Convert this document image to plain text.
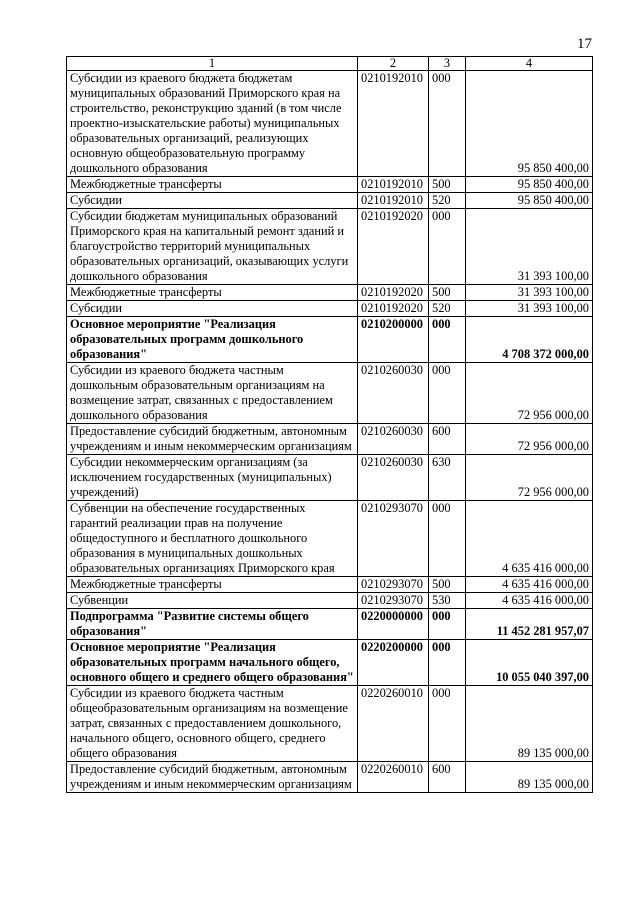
17
1	2	3	4
Субсидии из краевого бюджета бюджетам муниципальных образований Приморского края на строительство, реконструкцию зданий (в том числе проектно-изыскательские работы) муниципальных образовательных организаций, реализующих основную общеобразовательную программу дошкольного образования	0210192010	000	95 850 400,00
Межбюджетные трансферты	0210192010	500	95 850 400,00
Субсидии	0210192010	520	95 850 400,00
Субсидии бюджетам муниципальных образований Приморского края на капитальный ремонт зданий и благоустройство территорий муниципальных образовательных организаций, оказывающих услуги дошкольного образования	0210192020	000	31 393 100,00
Межбюджетные трансферты	0210192020	500	31 393 100,00
Субсидии	0210192020	520	31 393 100,00
Основное мероприятие "Реализация образовательных программ дошкольного образования"	0210200000	000	4 708 372 000,00
Субсидии из краевого бюджета частным дошкольным образовательным организациям на возмещение затрат, связанных с предоставлением дошкольного образования	0210260030	000	72 956 000,00
Предоставление субсидий бюджетным, автономным учреждениям и иным некоммерческим организациям	0210260030	600	72 956 000,00
Субсидии некоммерческим организациям (за исключением государственных (муниципальных) учреждений)	0210260030	630	72 956 000,00
Субвенции на обеспечение государственных гарантий реализации прав на получение общедоступного и бесплатного дошкольного образования в муниципальных дошкольных образовательных организациях Приморского края	0210293070	000	4 635 416 000,00
Межбюджетные трансферты	0210293070	500	4 635 416 000,00
Субвенции	0210293070	530	4 635 416 000,00
Подпрограмма "Развитие системы общего образования"	0220000000	000	11 452 281 957,07
Основное мероприятие "Реализация образовательных программ начального общего, основного общего и среднего общего образования"	0220200000	000	10 055 040 397,00
Субсидии из краевого бюджета частным общеобразовательным организациям на возмещение затрат, связанных с предоставлением дошкольного, начального общего, основного общего, среднего общего образования	0220260010	000	89 135 000,00
Предоставление субсидий бюджетным, автономным учреждениям и иным некоммерческим организациям	0220260010	600	89 135 000,00
